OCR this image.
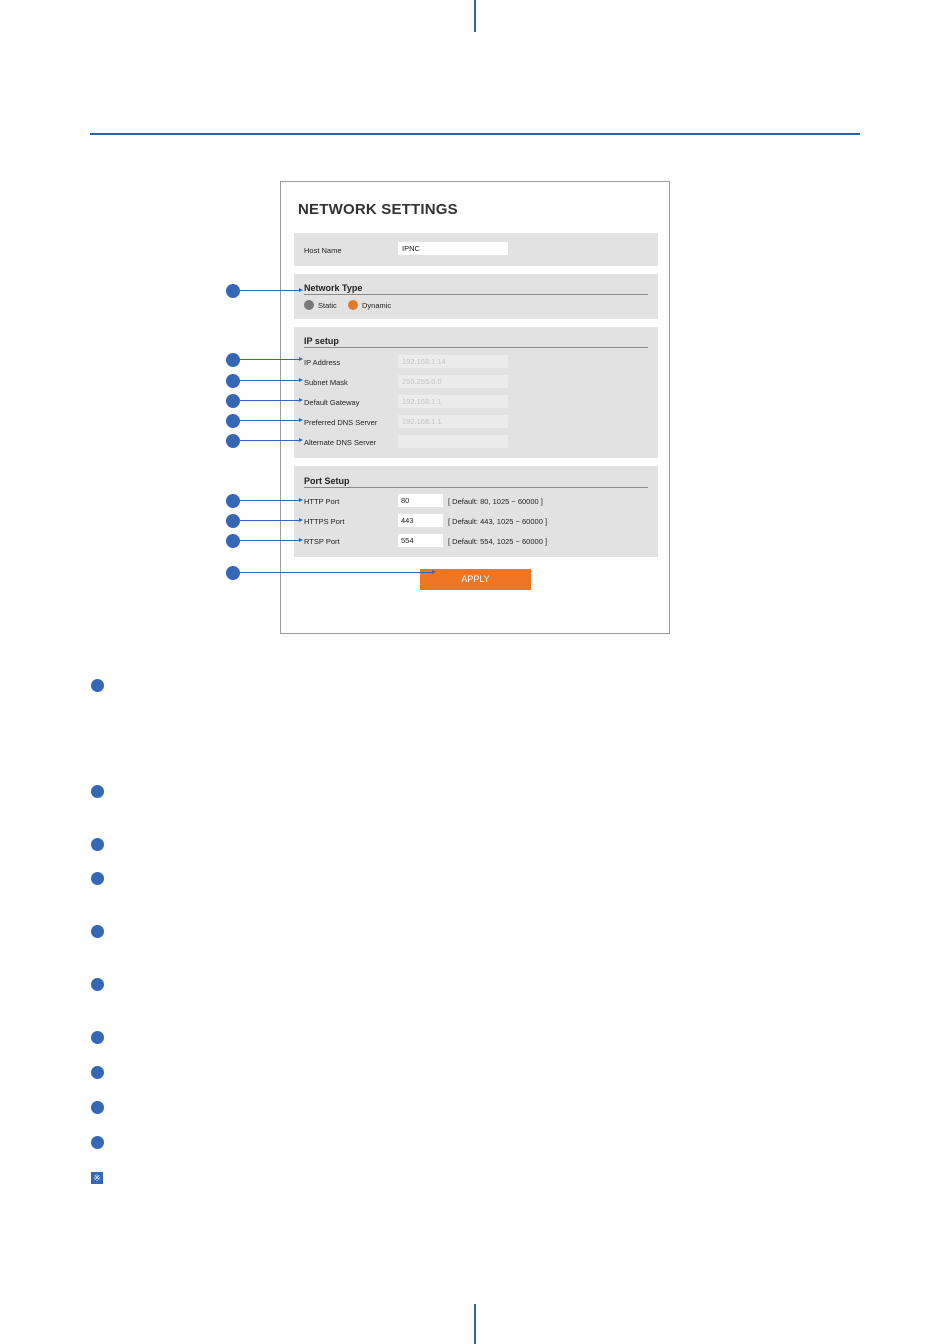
NETWORK SETTINGS
Host Name	IPNC
Network Type
Static	Dynamic
IP setup
IP Address	192.168.1.14
Subnet Mask	255.255.0.0
Default Gateway	192.168.1.1
Preferred DNS Server	192.168.1.1
Alternate DNS Server
Port Setup
HTTP Port	80	[ Default: 80, 1025 ~ 60000 ]
HTTPS Port	443	[ Default: 443, 1025 ~ 60000 ]
RTSP Port	554	[ Default: 554, 1025 ~ 60000 ]
APPLY
※
